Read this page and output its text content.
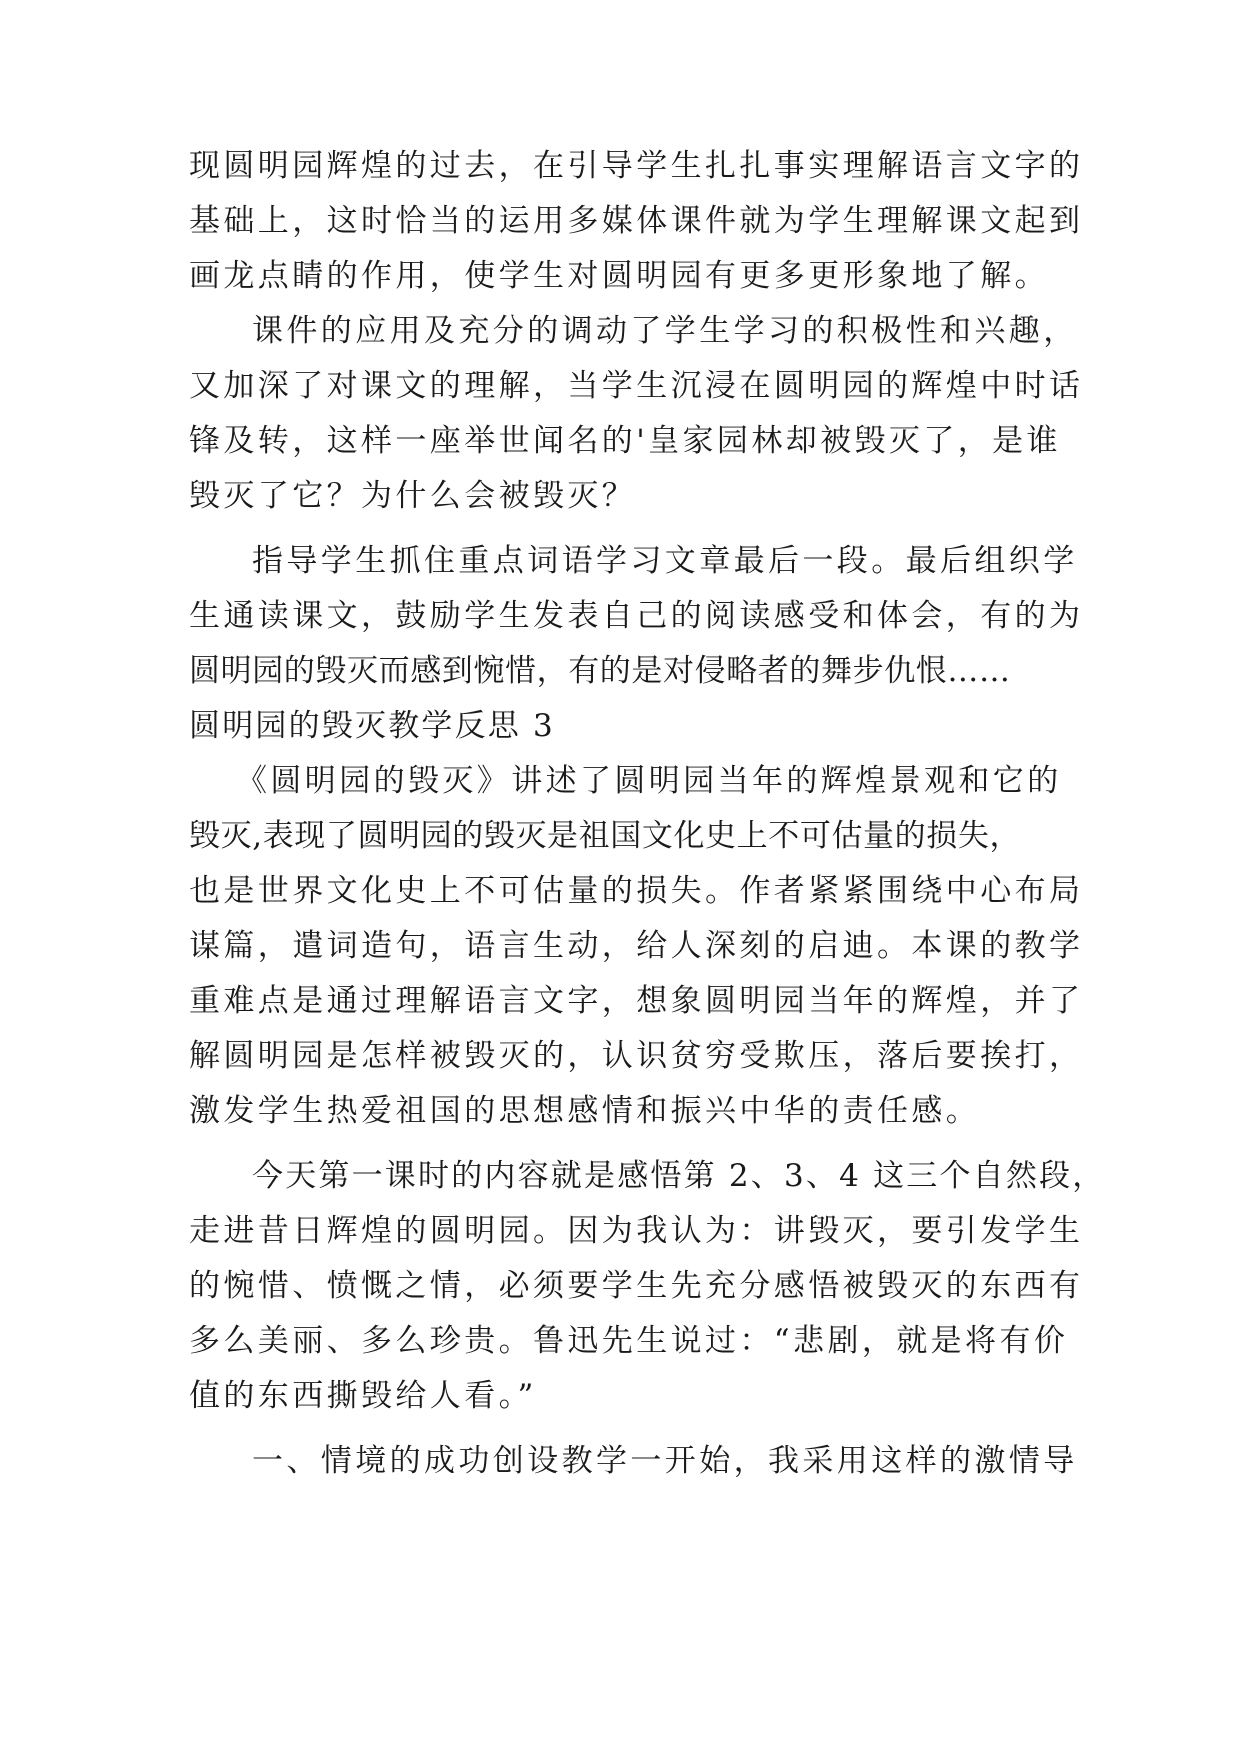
现圆明园辉煌的过去，在引导学生扎扎事实理解语言文字的
基础上，这时恰当的运用多媒体课件就为学生理解课文起到
画龙点睛的作用，使学生对圆明园有更多更形象地了解。
课件的应用及充分的调动了学生学习的积极性和兴趣，
又加深了对课文的理解，当学生沉浸在圆明园的辉煌中时话
锋及转，这样一座举世闻名的'皇家园林却被毁灭了，是谁
毁灭了它？为什么会被毁灭？
指导学生抓住重点词语学习文章最后一段。最后组织学
生通读课文，鼓励学生发表自己的阅读感受和体会，有的为
圆明园的毁灭而感到惋惜，有的是对侵略者的舞步仇恨……
圆明园的毁灭教学反思 3
《圆明园的毁灭》讲述了圆明园当年的辉煌景观和它的
毁灭,表现了圆明园的毁灭是祖国文化史上不可估量的损失，
也是世界文化史上不可估量的损失。作者紧紧围绕中心布局
谋篇，遣词造句，语言生动，给人深刻的启迪。本课的教学
重难点是通过理解语言文字，想象圆明园当年的辉煌，并了
解圆明园是怎样被毁灭的，认识贫穷受欺压，落后要挨打，
激发学生热爱祖国的思想感情和振兴中华的责任感。
今天第一课时的内容就是感悟第 2、3、4 这三个自然段，
走进昔日辉煌的圆明园。因为我认为：讲毁灭，要引发学生
的惋惜、愤慨之情，必须要学生先充分感悟被毁灭的东西有
多么美丽、多么珍贵。鲁迅先生说过：“悲剧，就是将有价
值的东西撕毁给人看。”
一、情境的成功创设教学一开始，我采用这样的激情导
